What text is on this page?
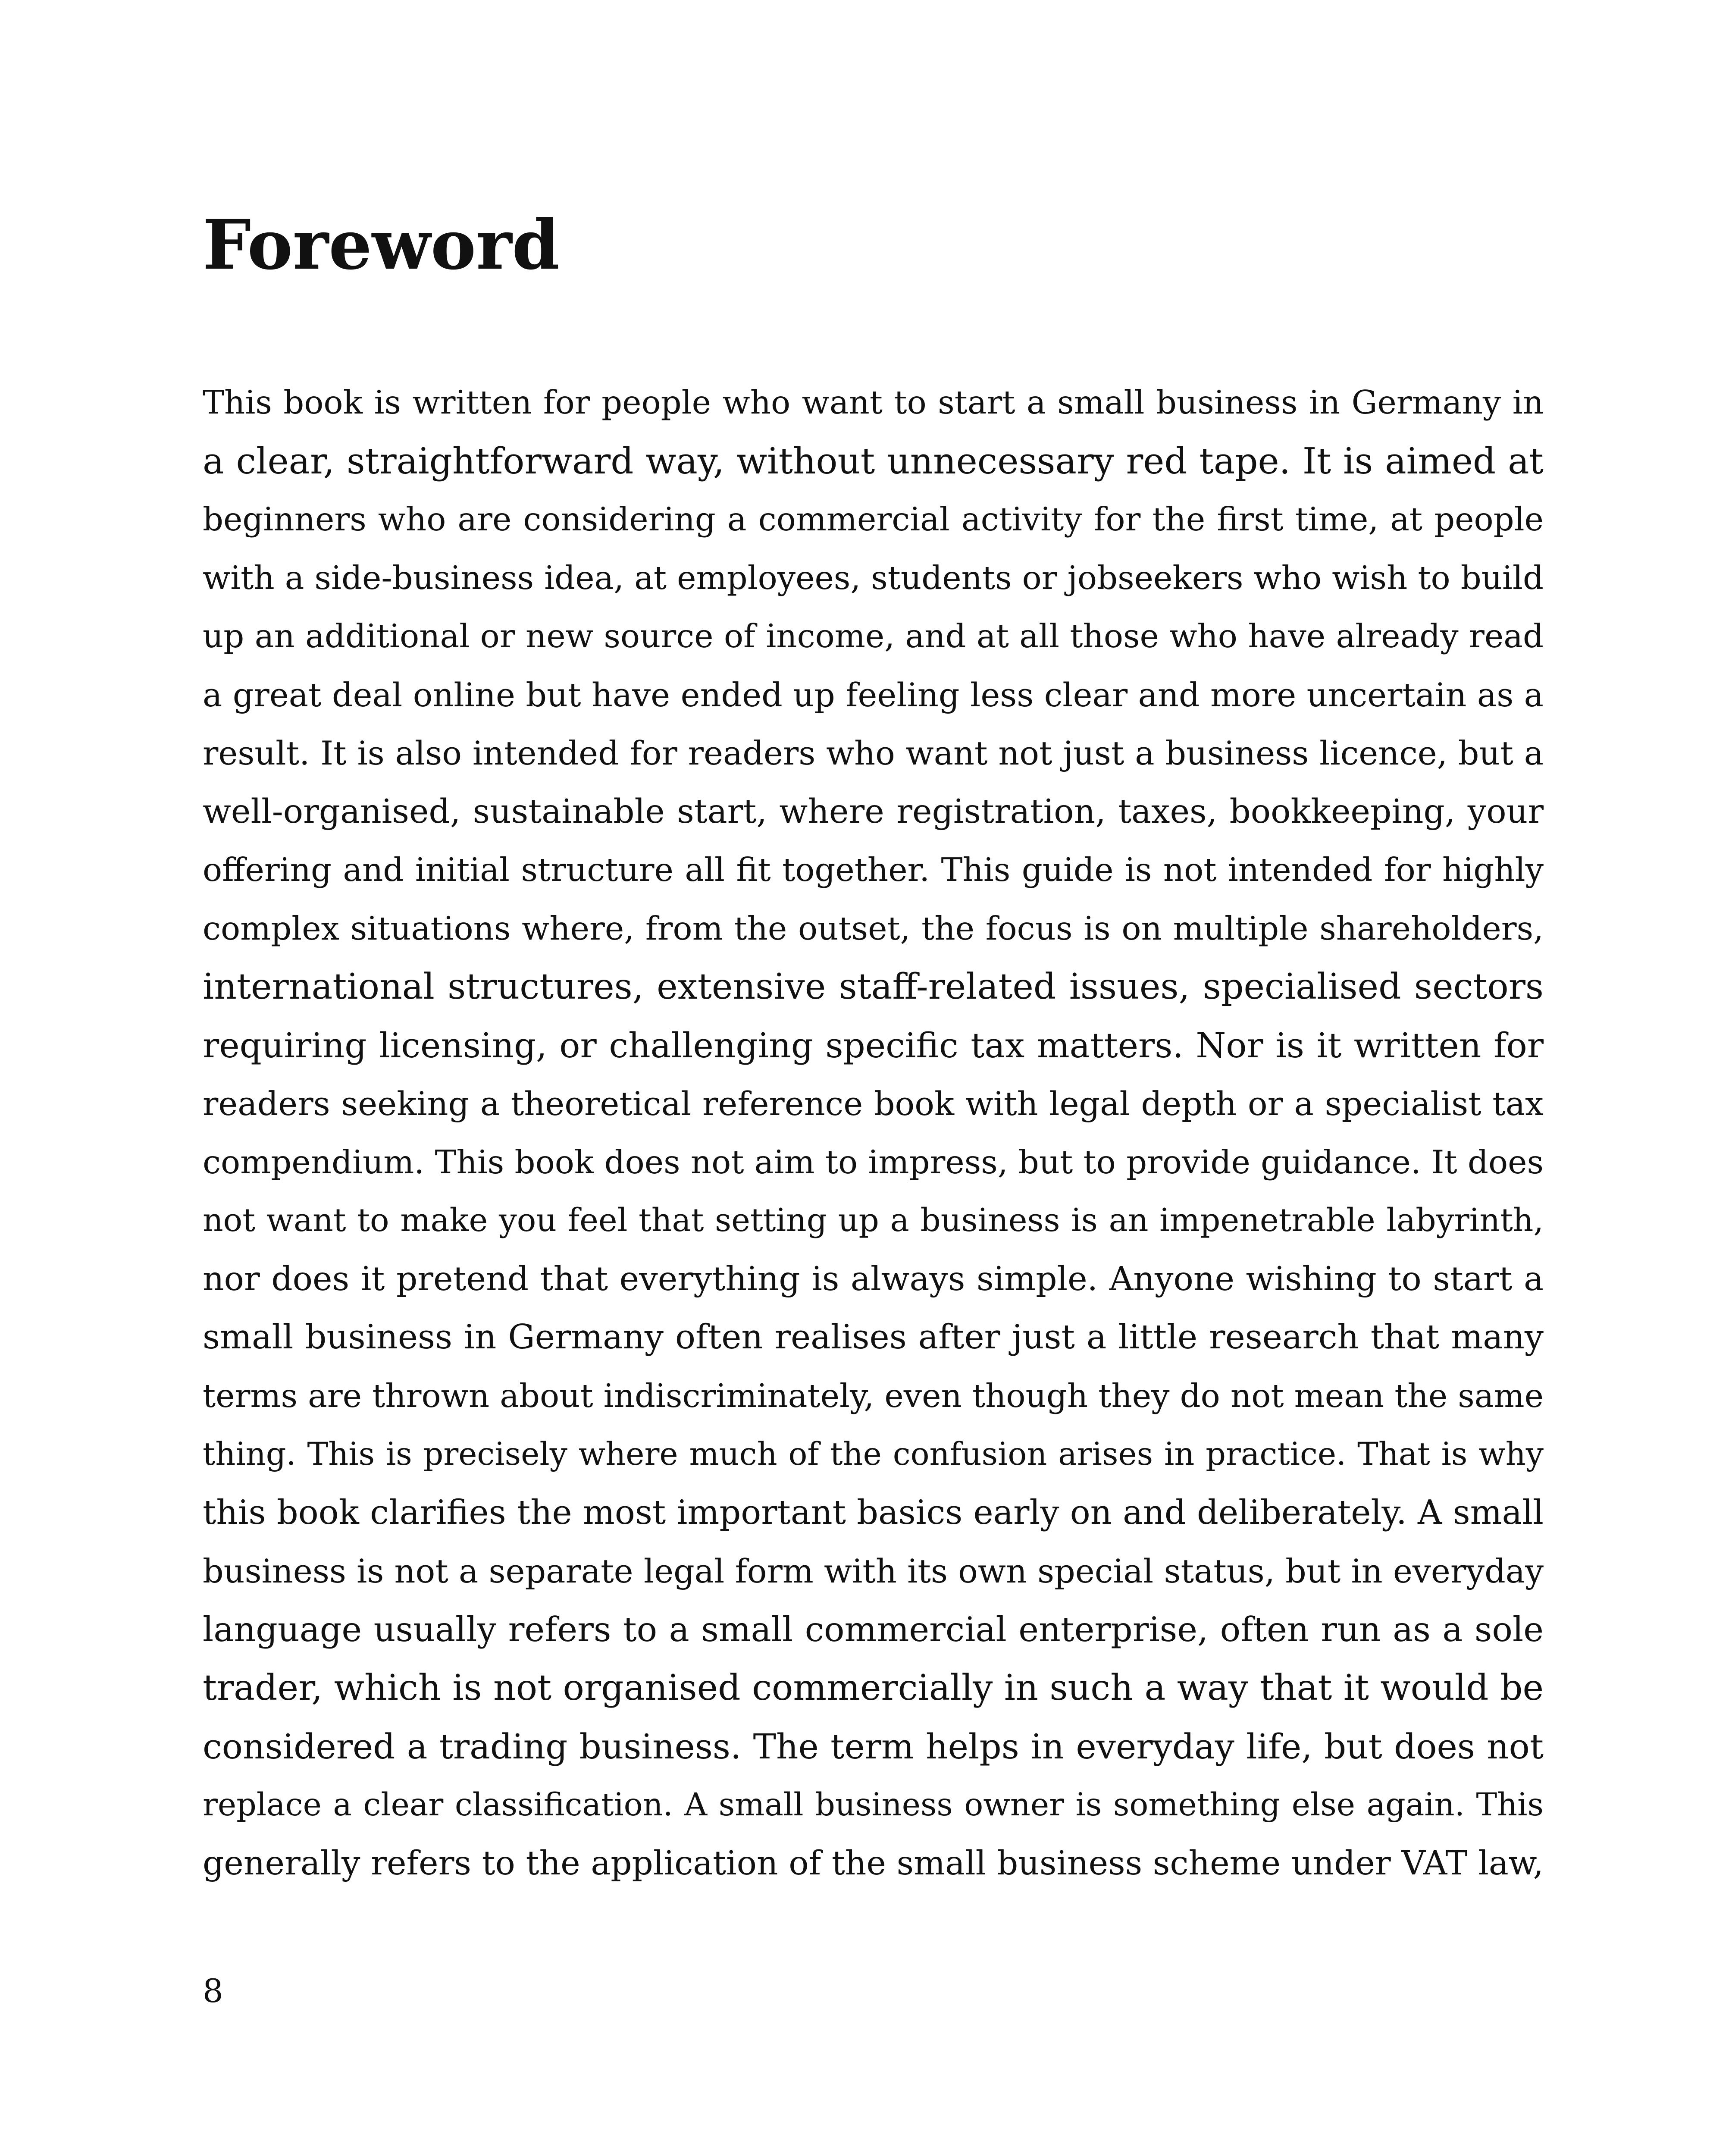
Foreword
This book is written for people who want to start a small business in Germany in
a clear, straightforward way, without unnecessary red tape. It is aimed at
beginners who are considering a commercial activity for the first time, at people
with a side-business idea, at employees, students or jobseekers who wish to build
up an additional or new source of income, and at all those who have already read
a great deal online but have ended up feeling less clear and more uncertain as a
result. It is also intended for readers who want not just a business licence, but a
well-organised, sustainable start, where registration, taxes, bookkeeping, your
offering and initial structure all fit together. This guide is not intended for highly
complex situations where, from the outset, the focus is on multiple shareholders,
international structures, extensive staff-related issues, specialised sectors
requiring licensing, or challenging specific tax matters. Nor is it written for
readers seeking a theoretical reference book with legal depth or a specialist tax
compendium. This book does not aim to impress, but to provide guidance. It does
not want to make you feel that setting up a business is an impenetrable labyrinth,
nor does it pretend that everything is always simple. Anyone wishing to start a
small business in Germany often realises after just a little research that many
terms are thrown about indiscriminately, even though they do not mean the same
thing. This is precisely where much of the confusion arises in practice. That is why
this book clarifies the most important basics early on and deliberately. A small
business is not a separate legal form with its own special status, but in everyday
language usually refers to a small commercial enterprise, often run as a sole
trader, which is not organised commercially in such a way that it would be
considered a trading business. The term helps in everyday life, but does not
replace a clear classification. A small business owner is something else again. This
generally refers to the application of the small business scheme under VAT law,
8
